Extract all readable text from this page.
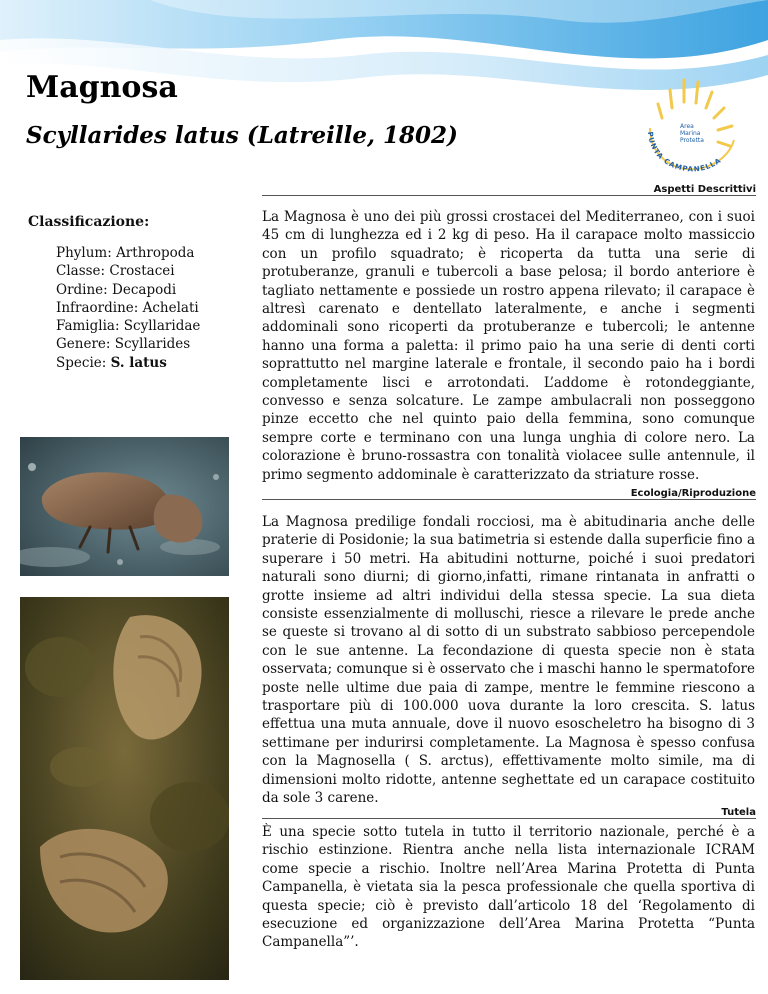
Magnosa
Scyllarides latus (Latreille, 1802)	PUNTA CAMPANELLA
Area
Marina
Protetta
Aspetti Descrittivi
Classificazione:
Phylum: Arthropoda
Classe: Crostacei
Ordine: Decapodi
Infraordine: Achelati
Famiglia: Scyllaridae
Genere: Scyllarides
Specie: S. latus

La Magnosa è uno dei più grossi crostacei del Mediterraneo, con i suoi 45 cm di lunghezza ed i 2 kg di peso. Ha il carapace molto massiccio con un profilo squadrato; è ricoperta da tutta una serie di protuberanze, granuli e tubercoli a base pelosa; il bordo anteriore è tagliato nettamente e possiede un rostro appena rilevato; il carapace è altresì carenato e dentellato lateralmente, e anche i segmenti addominali sono ricoperti da protuberanze e tubercoli; le antenne hanno una forma a paletta: il primo paio ha una serie di denti corti soprattutto nel margine laterale e frontale, il secondo paio ha i bordi completamente lisci e arrotondati. L’addome è rotondeggiante, convesso e senza solcature. Le zampe ambulacrali non posseggono pinze eccetto che nel quinto paio della femmina, sono comunque sempre corte e terminano con una lunga unghia di colore nero. La colorazione è bruno-rossastra con tonalità violacee sulle antennule, il primo segmento addominale è caratterizzato da striature rosse.

Ecologia/Riproduzione

La Magnosa predilige fondali rocciosi, ma è abitudinaria anche delle praterie di Posidonie; la sua batimetria si estende dalla superficie fino a superare i 50 metri. Ha abitudini notturne, poiché i suoi predatori naturali sono diurni; di giorno,infatti, rimane rintanata in anfratti o grotte insieme ad altri individui della stessa specie. La sua dieta consiste essenzialmente di molluschi, riesce a rilevare le prede anche se queste si trovano al di sotto di un substrato sabbioso percependole con le sue antenne. La fecondazione di questa specie non è stata osservata; comunque si è osservato che i maschi hanno le spermatofore poste nelle ultime due paia di zampe, mentre le femmine riescono a trasportare più di 100.000 uova durante la loro crescita. S. latus effettua una muta annuale, dove il nuovo esoscheletro ha bisogno di 3 settimane per indurirsi completamente. La Magnosa è spesso confusa con la Magnosella ( S. arctus), effettivamente molto simile, ma di dimensioni molto ridotte, antenne seghettate ed un carapace costituito da sole 3 carene.

Tutela

È una specie sotto tutela in tutto il territorio nazionale, perché è a rischio estinzione. Rientra anche nella lista internazionale ICRAM come specie a rischio. Inoltre nell’Area Marina Protetta di Punta Campanella, è vietata sia la pesca professionale che quella sportiva di questa specie; ciò è previsto dall’articolo 18 del ‘Regolamento di esecuzione ed organizzazione dell’Area Marina Protetta “Punta Campanella”’.
